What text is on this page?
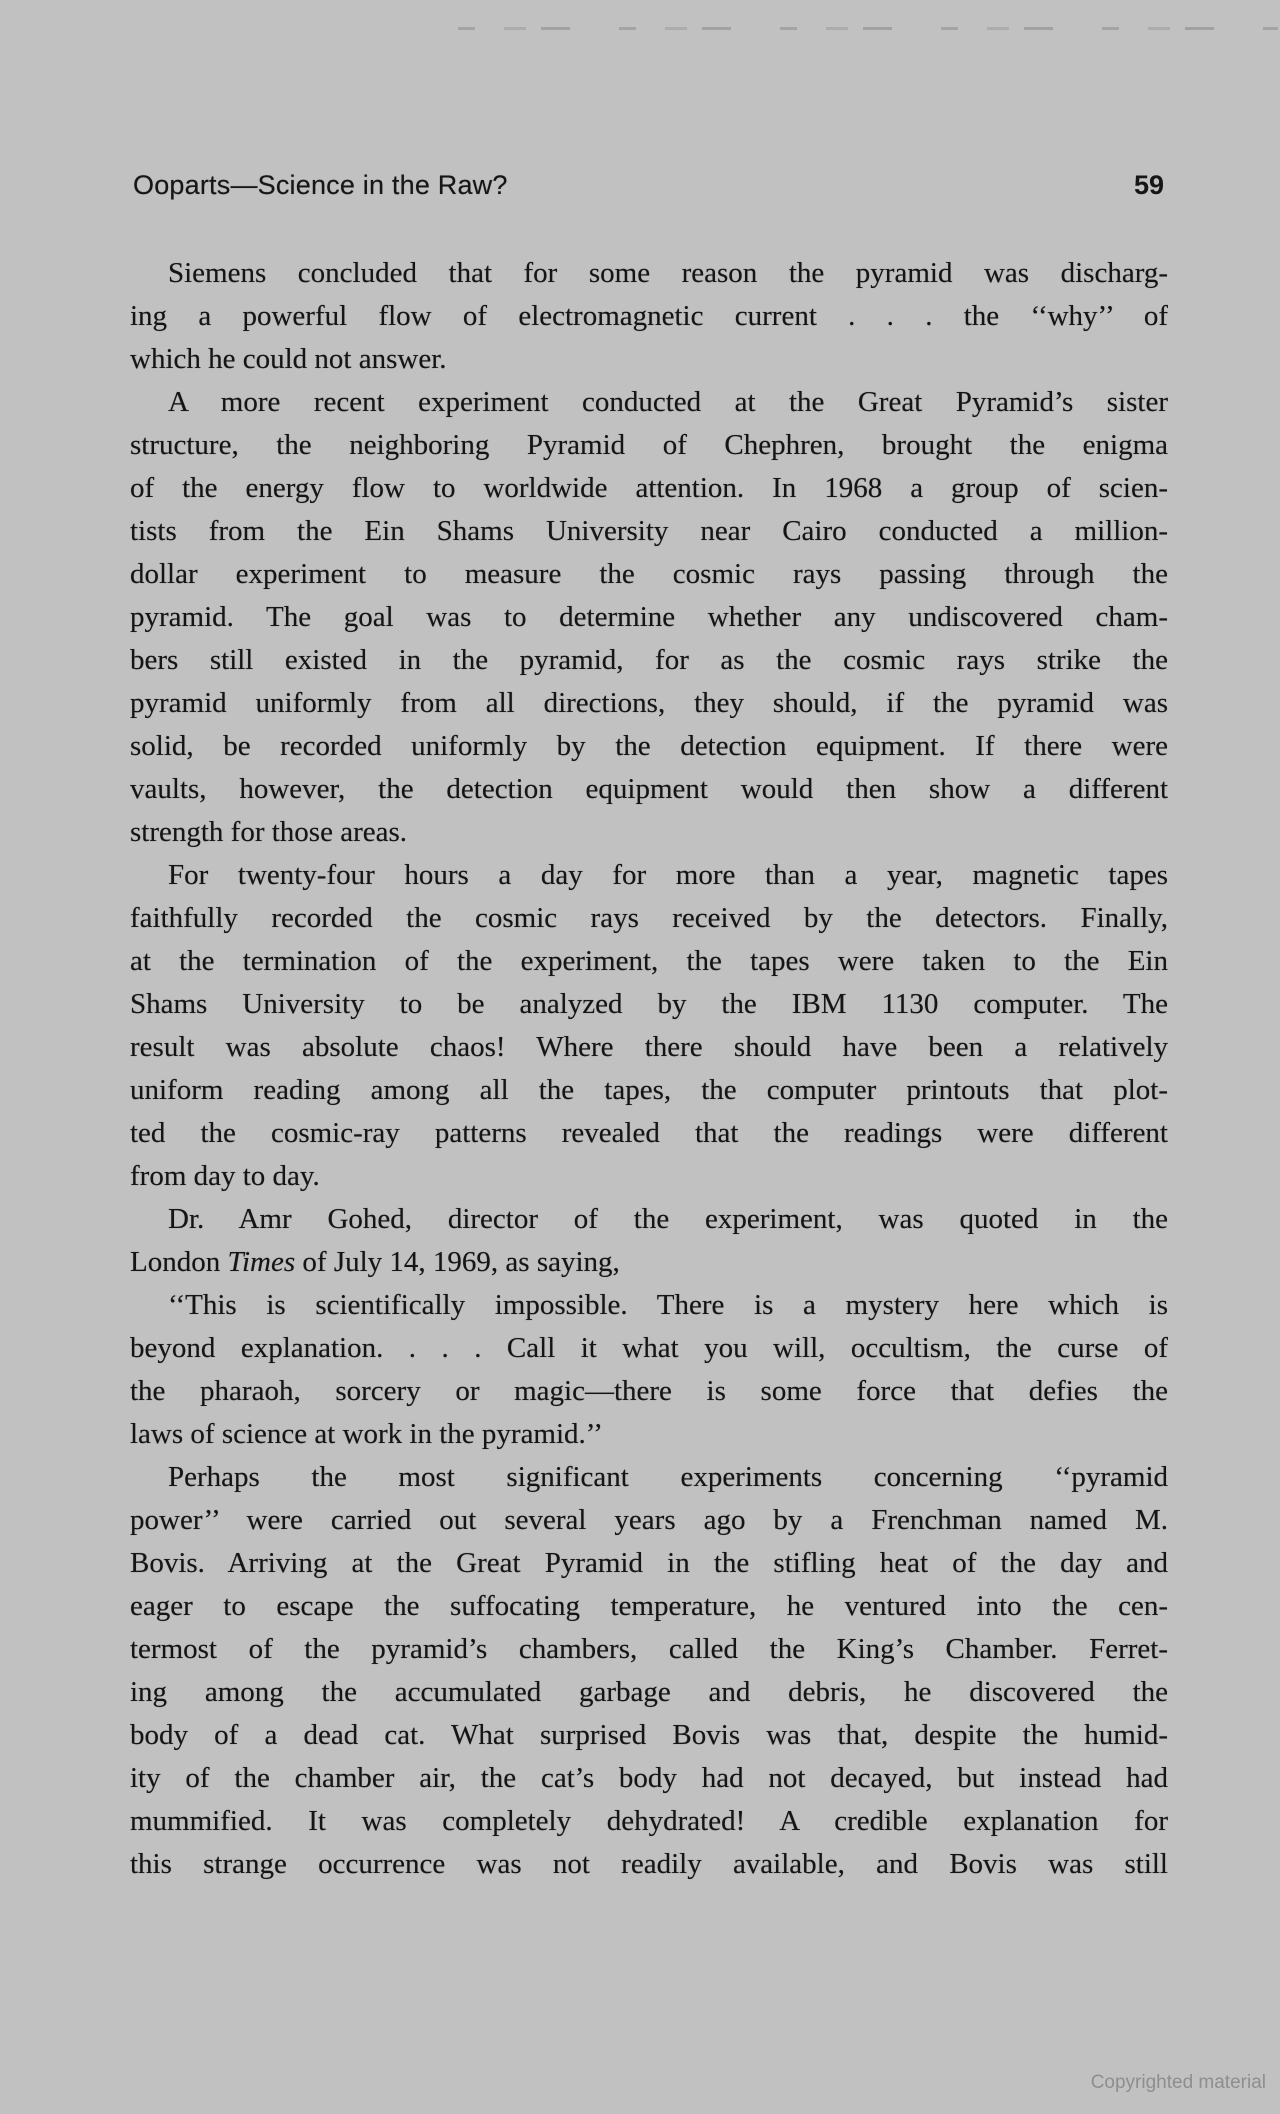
Ooparts—Science in the Raw?	59
Siemens concluded that for some reason the pyramid was discharg-
ing a powerful flow of electromagnetic current . . . the ‘‘why’’ of
which he could not answer.
A more recent experiment conducted at the Great Pyramid’s sister
structure, the neighboring Pyramid of Chephren, brought the enigma
of the energy flow to worldwide attention. In 1968 a group of scien-
tists from the Ein Shams University near Cairo conducted a million-
dollar experiment to measure the cosmic rays passing through the
pyramid. The goal was to determine whether any undiscovered cham-
bers still existed in the pyramid, for as the cosmic rays strike the
pyramid uniformly from all directions, they should, if the pyramid was
solid, be recorded uniformly by the detection equipment. If there were
vaults, however, the detection equipment would then show a different
strength for those areas.
For twenty-four hours a day for more than a year, magnetic tapes
faithfully recorded the cosmic rays received by the detectors. Finally,
at the termination of the experiment, the tapes were taken to the Ein
Shams University to be analyzed by the IBM 1130 computer. The
result was absolute chaos! Where there should have been a relatively
uniform reading among all the tapes, the computer printouts that plot-
ted the cosmic-ray patterns revealed that the readings were different
from day to day.
Dr. Amr Gohed, director of the experiment, was quoted in the
London Times of July 14, 1969, as saying,
‘‘This is scientifically impossible. There is a mystery here which is
beyond explanation. . . . Call it what you will, occultism, the curse of
the pharaoh, sorcery or magic—there is some force that defies the
laws of science at work in the pyramid.’’
Perhaps the most significant experiments concerning ‘‘pyramid
power’’ were carried out several years ago by a Frenchman named M.
Bovis. Arriving at the Great Pyramid in the stifling heat of the day and
eager to escape the suffocating temperature, he ventured into the cen-
termost of the pyramid’s chambers, called the King’s Chamber. Ferret-
ing among the accumulated garbage and debris, he discovered the
body of a dead cat. What surprised Bovis was that, despite the humid-
ity of the chamber air, the cat’s body had not decayed, but instead had
mummified. It was completely dehydrated! A credible explanation for
this strange occurrence was not readily available, and Bovis was still
Copyrighted material
